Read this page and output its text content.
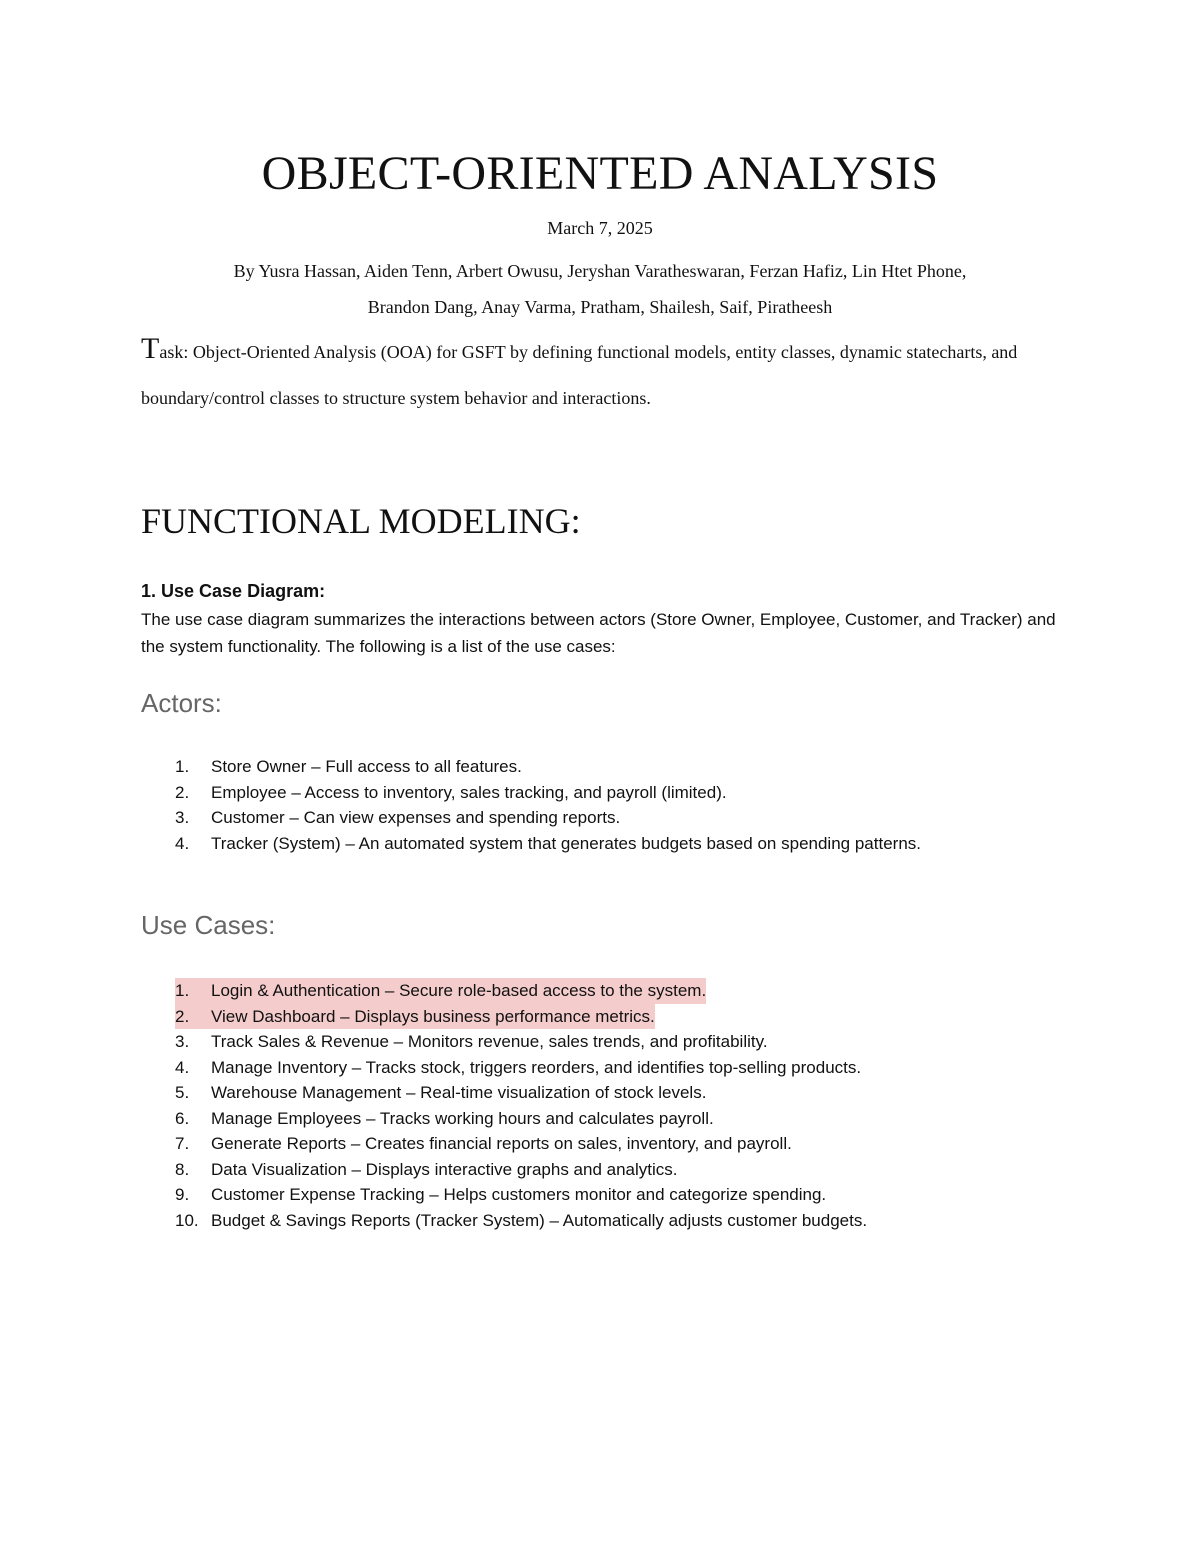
OBJECT-ORIENTED ANALYSIS
March 7, 2025
By Yusra Hassan, Aiden Tenn, Arbert Owusu, Jeryshan Varatheswaran, Ferzan Hafiz, Lin Htet Phone,
Brandon Dang, Anay Varma, Pratham, Shailesh, Saif, Piratheesh
Task: Object-Oriented Analysis (OOA) for GSFT by defining functional models, entity classes, dynamic statecharts, and boundary/control classes to structure system behavior and interactions.
FUNCTIONAL MODELING:
1. Use Case Diagram:
The use case diagram summarizes the interactions between actors (Store Owner, Employee, Customer, and Tracker) and the system functionality. The following is a list of the use cases:
Actors:
1. Store Owner – Full access to all features.
2. Employee – Access to inventory, sales tracking, and payroll (limited).
3. Customer – Can view expenses and spending reports.
4. Tracker (System) – An automated system that generates budgets based on spending patterns.
Use Cases:
1. Login & Authentication – Secure role-based access to the system.
2. View Dashboard – Displays business performance metrics.
3. Track Sales & Revenue – Monitors revenue, sales trends, and profitability.
4. Manage Inventory – Tracks stock, triggers reorders, and identifies top-selling products.
5. Warehouse Management – Real-time visualization of stock levels.
6. Manage Employees – Tracks working hours and calculates payroll.
7. Generate Reports – Creates financial reports on sales, inventory, and payroll.
8. Data Visualization – Displays interactive graphs and analytics.
9. Customer Expense Tracking – Helps customers monitor and categorize spending.
10. Budget & Savings Reports (Tracker System) – Automatically adjusts customer budgets.
